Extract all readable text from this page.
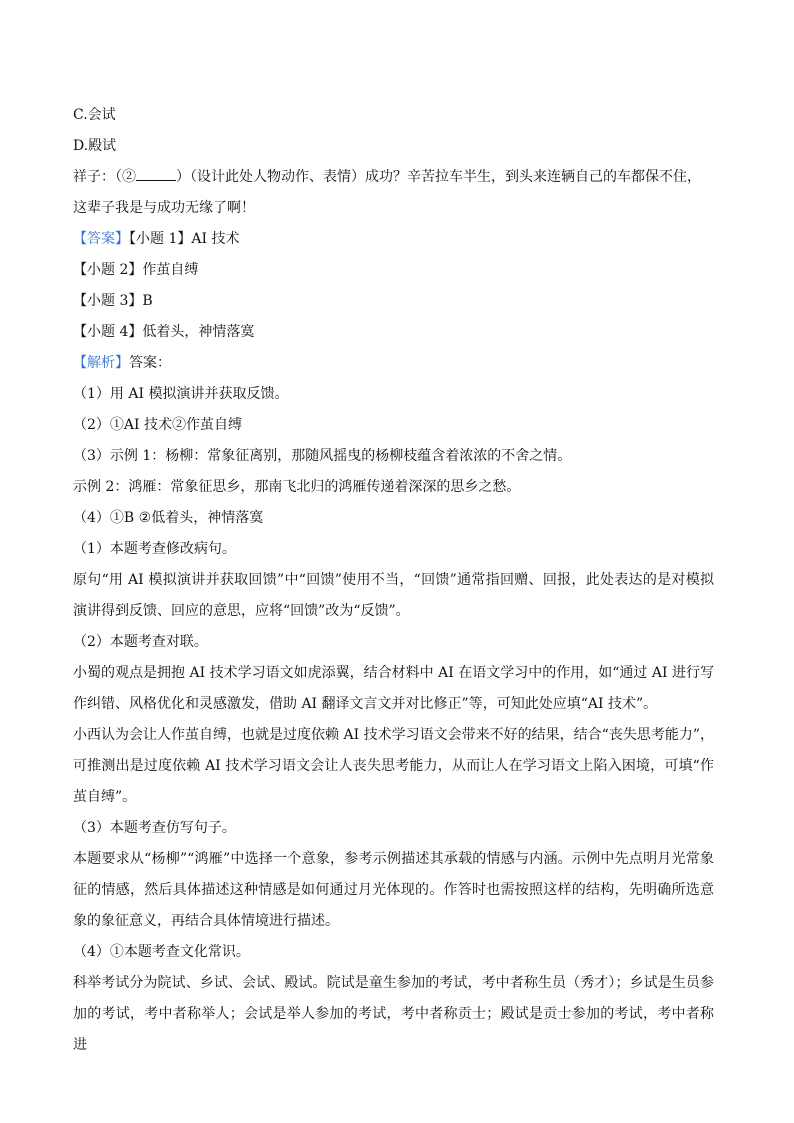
C.会试
D.殿试
祥子：（②	）（设计此处人物动作、表情）成功？辛苦拉车半生，到头来连辆自己的车都保不住，
这辈子我是与成功无缘了啊！
【答案】【小题 1】AI 技术
【小题 2】作茧自缚
【小题 3】B
【小题 4】低着头，神情落寞
【解析】答案：
（1）用 AI 模拟演讲并获取反馈。
（2）①AI 技术②作茧自缚
（3）示例 1：杨柳：常象征离别，那随风摇曳的杨柳枝蕴含着浓浓的不舍之情。
示例 2：鸿雁：常象征思乡，那南飞北归的鸿雁传递着深深的思乡之愁。
（4）①B ②低着头，神情落寞
（1）本题考查修改病句。
原句“用 AI 模拟演讲并获取回馈”中“回馈”使用不当，“回馈”通常指回赠、回报，此处表达的是对模拟演讲得到反馈、回应的意思，应将“回馈”改为“反馈”。
（2）本题考查对联。
小蜀的观点是拥抱 AI 技术学习语文如虎添翼，结合材料中 AI 在语文学习中的作用，如“通过 AI 进行写作纠错、风格优化和灵感激发，借助 AI 翻译文言文并对比修正”等，可知此处应填“AI 技术”。
小西认为会让人作茧自缚，也就是过度依赖 AI 技术学习语文会带来不好的结果，结合“丧失思考能力”，可推测出是过度依赖 AI 技术学习语文会让人丧失思考能力，从而让人在学习语文上陷入困境，可填“作茧自缚”。
（3）本题考查仿写句子。
本题要求从“杨柳”“鸿雁”中选择一个意象，参考示例描述其承载的情感与内涵。示例中先点明月光常象征的情感，然后具体描述这种情感是如何通过月光体现的。作答时也需按照这样的结构，先明确所选意象的象征意义，再结合具体情境进行描述。
（4）①本题考查文化常识。
科举考试分为院试、乡试、会试、殿试。院试是童生参加的考试，考中者称生员（秀才）；乡试是生员参加的考试，考中者称举人；会试是举人参加的考试，考中者称贡士；殿试是贡士参加的考试，考中者称进
